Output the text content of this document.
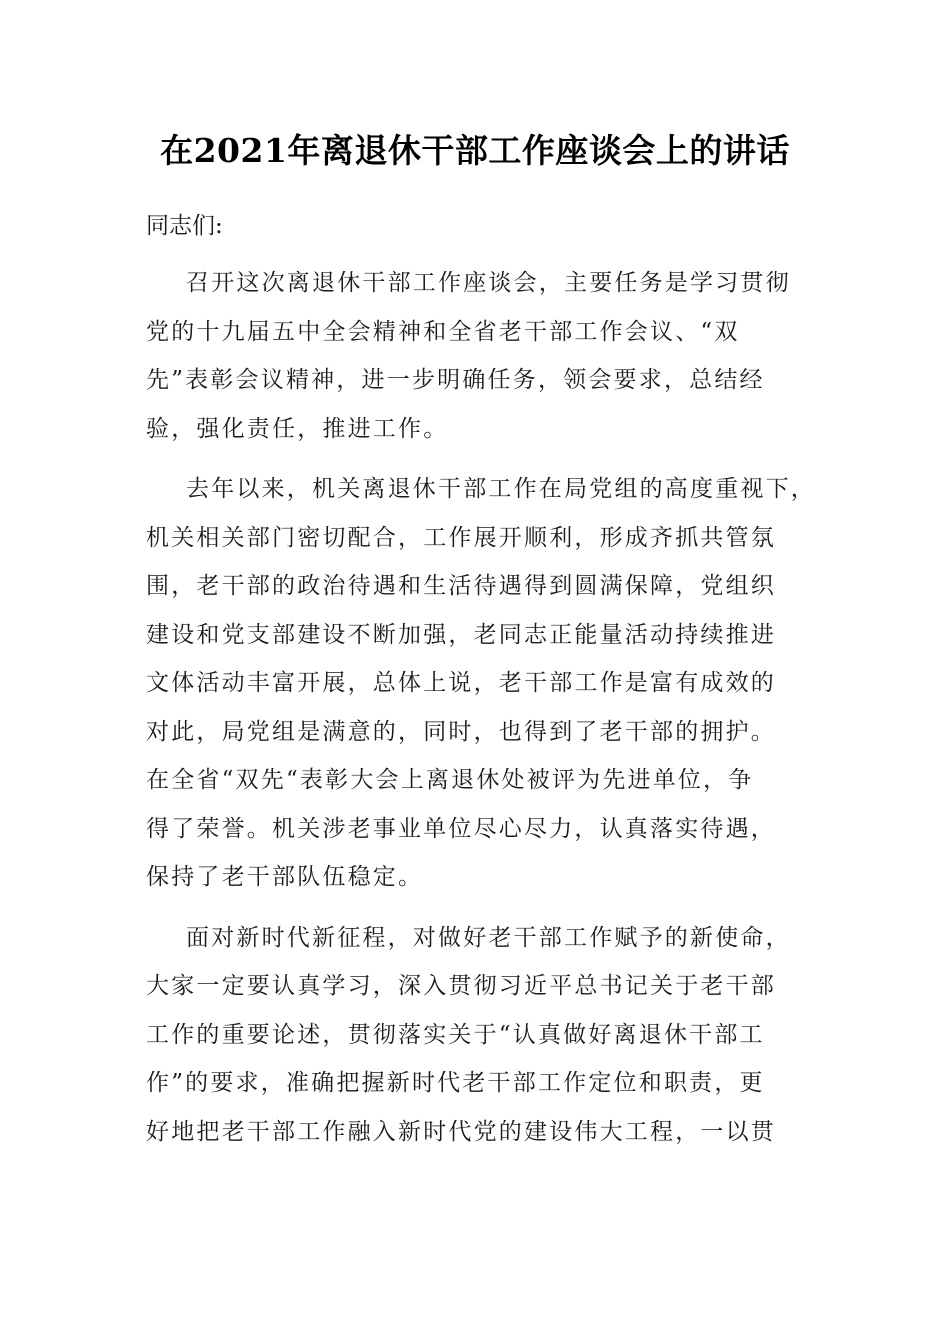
在2021年离退休干部工作座谈会上的讲话
同志们:
召开这次离退休干部工作座谈会，主要任务是学习贯彻
党的十九届五中全会精神和全省老干部工作会议、“双
先”表彰会议精神，进一步明确任务，领会要求，总结经
验，强化责任，推进工作。
去年以来，机关离退休干部工作在局党组的高度重视下，
机关相关部门密切配合，工作展开顺利，形成齐抓共管氛
围，老干部的政治待遇和生活待遇得到圆满保障，党组织
建设和党支部建设不断加强，老同志正能量活动持续推进
文体活动丰富开展，总体上说，老干部工作是富有成效的
对此，局党组是满意的，同时，也得到了老干部的拥护。
在全省“双先“表彰大会上离退休处被评为先进单位，争
得了荣誉。机关涉老事业单位尽心尽力，认真落实待遇，
保持了老干部队伍稳定。
面对新时代新征程，对做好老干部工作赋予的新使命，
大家一定要认真学习，深入贯彻习近平总书记关于老干部
工作的重要论述，贯彻落实关于“认真做好离退休干部工
作”的要求，准确把握新时代老干部工作定位和职责，更
好地把老干部工作融入新时代党的建设伟大工程，一以贯
